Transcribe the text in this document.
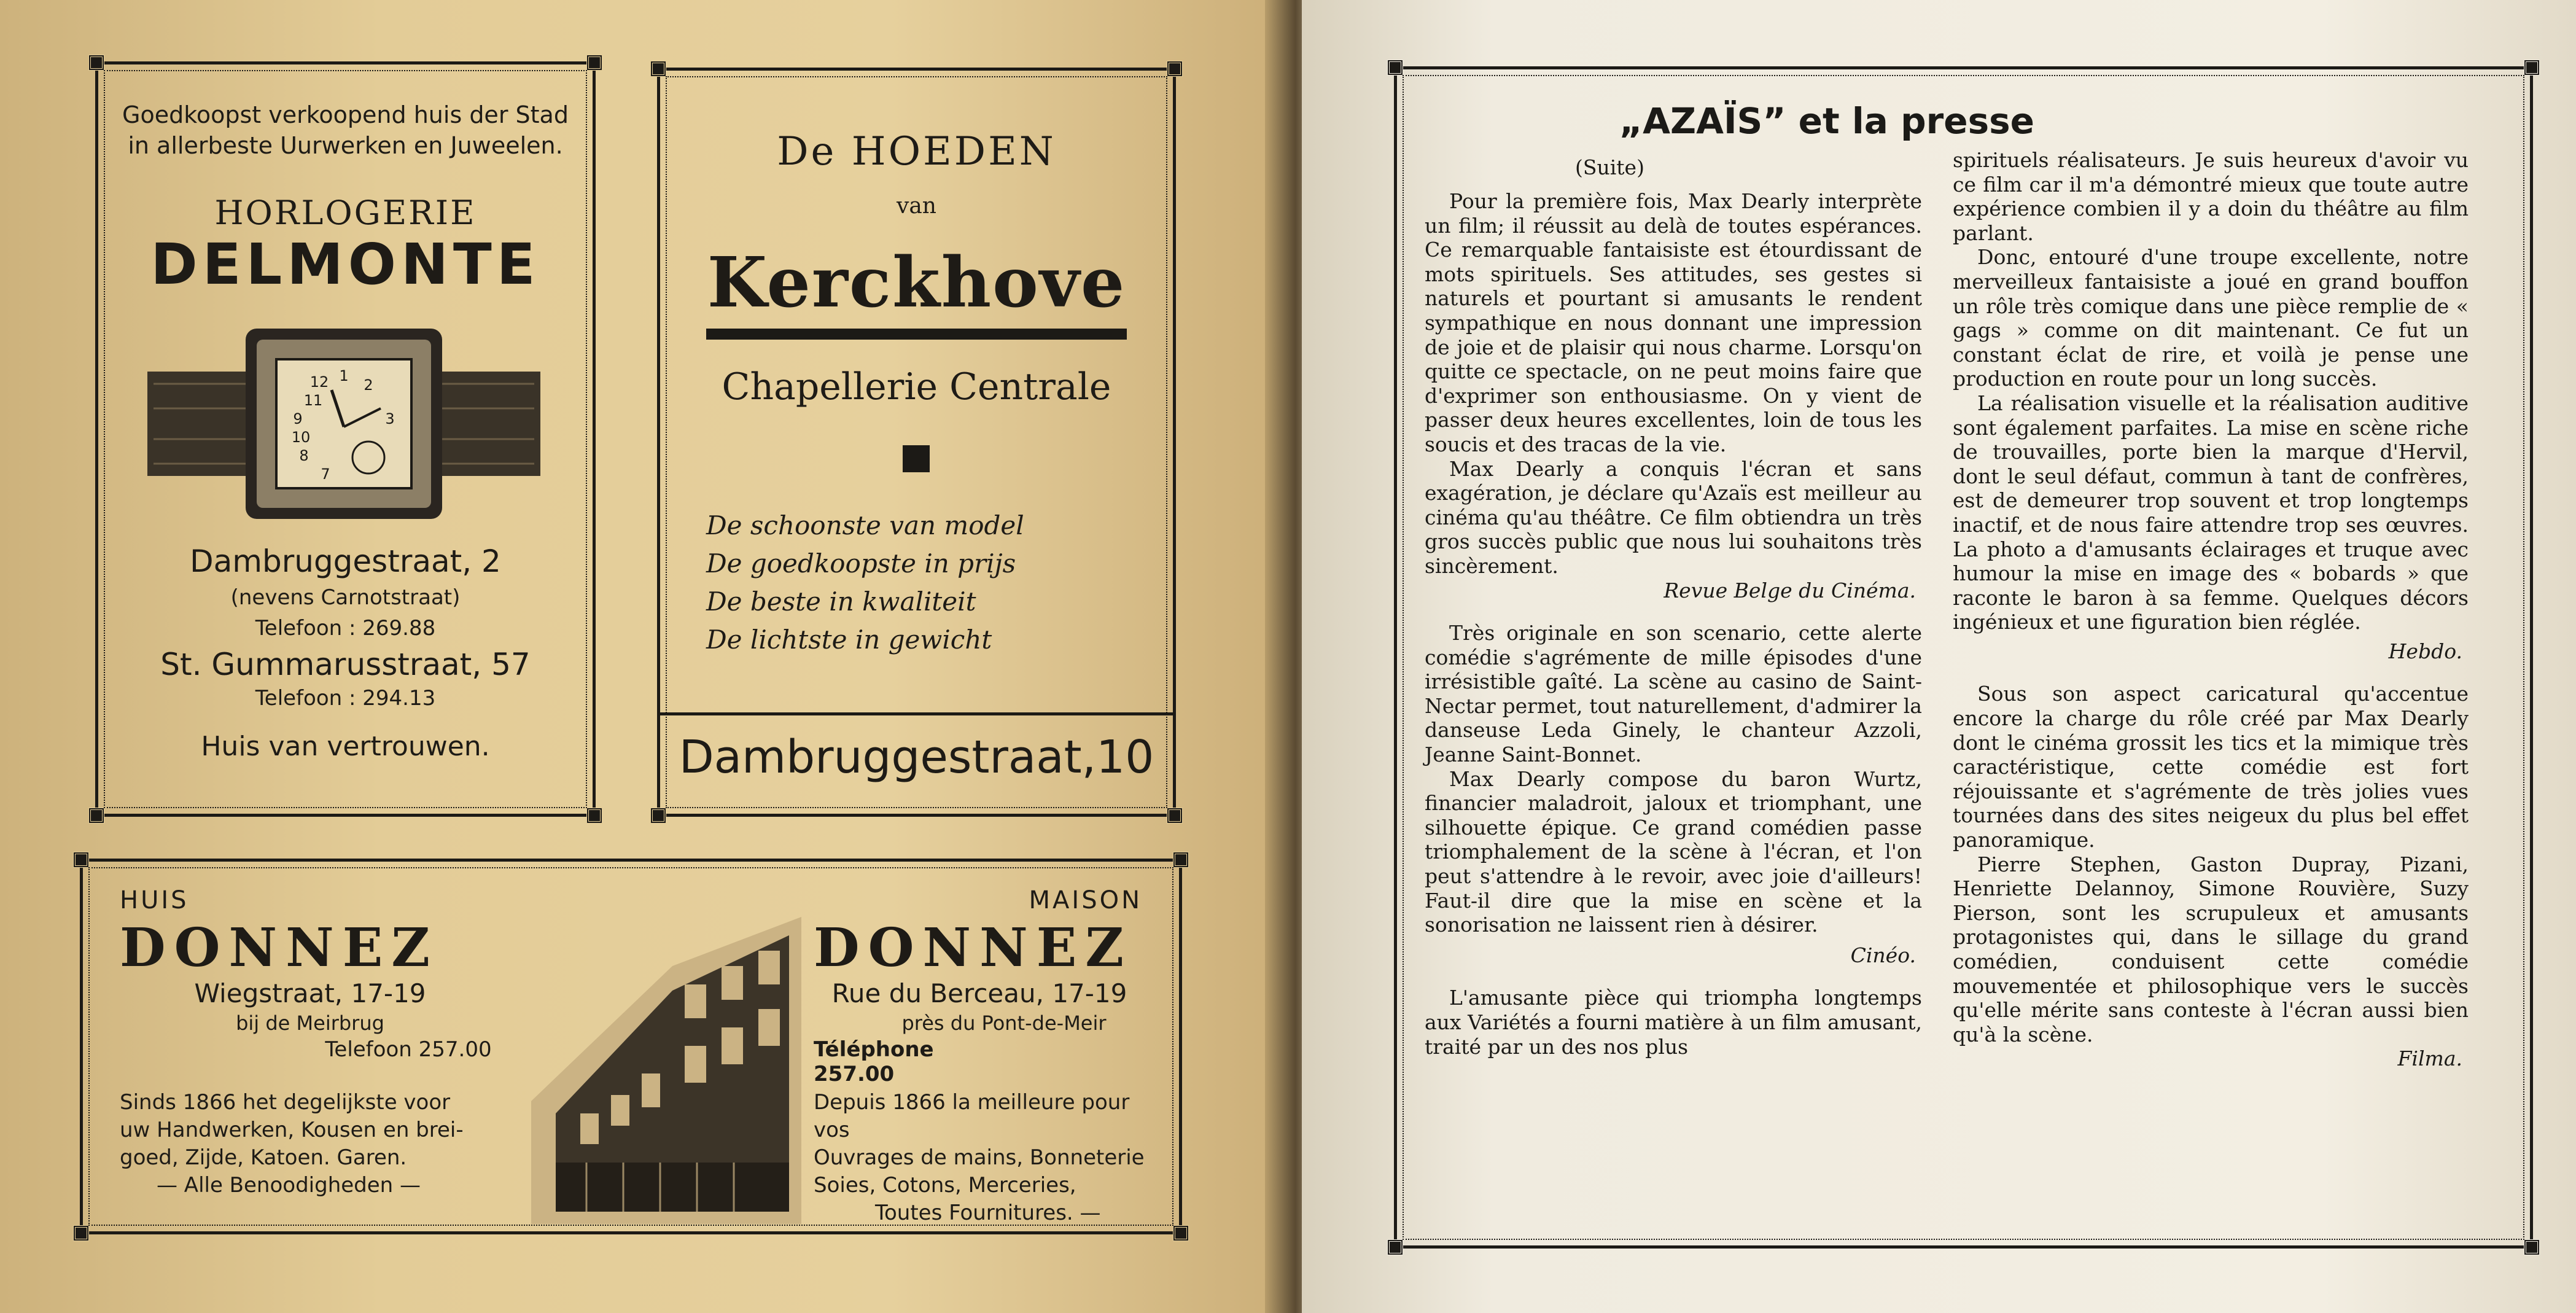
Goedkoopst verkoopend huis der Stad
in allerbeste Uurwerken en Juweelen.
HORLOGERIE
DELMONTE
1
2
3
9
8
7
12
11
10
Dambruggestraat, 2
(nevens Carnotstraat)
Telefoon : 269.88
St. Gummarusstraat, 57
Telefoon : 294.13
Huis van vertrouwen.
De HOEDEN
van
Kerckhove
Chapellerie Centrale
De schoonste van model
De goedkoopste in prijs
De beste in kwaliteit
De lichtste in gewicht
Dambruggestraat,10
HUIS
DONNEZ
Wiegstraat, 17-19
bij de Meirbrug
Telefoon 257.00
Sinds 1866 het degelijkste voor
uw Handwerken, Kousen en brei-
goed, Zijde, Katoen. Garen.
— Alle Benoodigheden —
MAISON
DONNEZ
Rue du Berceau, 17-19
près du Pont-de-Meir
Téléphone 257.00
Depuis 1866 la meilleure pour vos
Ouvrages de mains, Bonneterie
Soies, Cotons, Merceries,
Toutes Fournitures. —
„AZAÏS” et la presse
(Suite)

Pour la première fois, Max Dearly interprète un film; il réussit au delà de toutes espérances. Ce remarquable fantaisiste est étourdissant de mots spirituels. Ses attitudes, ses gestes si naturels et pourtant si amusants le rendent sympathique en nous donnant une impression de joie et de plaisir qui nous charme. Lorsqu'on quitte ce spectacle, on ne peut moins faire que d'exprimer son enthousiasme. On y vient de passer deux heures excellentes, loin de tous les soucis et des tracas de la vie.

Max Dearly a conquis l'écran et sans exagération, je déclare qu'Azaïs est meilleur au cinéma qu'au théâtre. Ce film obtiendra un très gros succès public que nous lui souhaitons très sincèrement.

Revue Belge du Cinéma.

Très originale en son scenario, cette alerte comédie s'agrémente de mille épisodes d'une irrésistible gaîté. La scène au casino de Saint-Nectar permet, tout naturellement, d'admirer la danseuse Leda Ginely, le chanteur Azzoli, Jeanne Saint-Bonnet.

Max Dearly compose du baron Wurtz, financier maladroit, jaloux et triomphant, une silhouette épique. Ce grand comédien passe triomphalement de la scène à l'écran, et l'on peut s'attendre à le revoir, avec joie d'ailleurs! Faut-il dire que la mise en scène et la sonorisation ne laissent rien à désirer.

Cinéo.

L'amusante pièce qui triompha longtemps aux Variétés a fourni matière à un film amusant, traité par un des nos plus

spirituels réalisateurs. Je suis heureux d'avoir vu ce film car il m'a démontré mieux que toute autre expérience combien il y a doin du théâtre au film parlant.

Donc, entouré d'une troupe excellente, notre merveilleux fantaisiste a joué en grand bouffon un rôle très comique dans une pièce remplie de « gags » comme on dit maintenant. Ce fut un constant éclat de rire, et voilà je pense une production en route pour un long succès.

La réalisation visuelle et la réalisation auditive sont également parfaites. La mise en scène riche de trouvailles, porte bien la marque d'Hervil, dont le seul défaut, commun à tant de confrères, est de demeurer trop souvent et trop longtemps inactif, et de nous faire attendre trop ses œuvres. La photo a d'amusants éclairages et truque avec humour la mise en image des « bobards » que raconte le baron à sa femme. Quelques décors ingénieux et une figuration bien réglée.

Hebdo.

Sous son aspect caricatural qu'accentue encore la charge du rôle créé par Max Dearly dont le cinéma grossit les tics et la mimique très caractéristique, cette comédie est fort réjouissante et s'agrémente de très jolies vues tournées dans des sites neigeux du plus bel effet panoramique.

Pierre Stephen, Gaston Dupray, Pizani, Henriette Delannoy, Simone Rouvière, Suzy Pierson, sont les scrupuleux et amusants protagonistes qui, dans le sillage du grand comédien, conduisent cette comédie mouvementée et philosophique vers le succès qu'elle mérite sans conteste à l'écran aussi bien qu'à la scène.

Filma.
